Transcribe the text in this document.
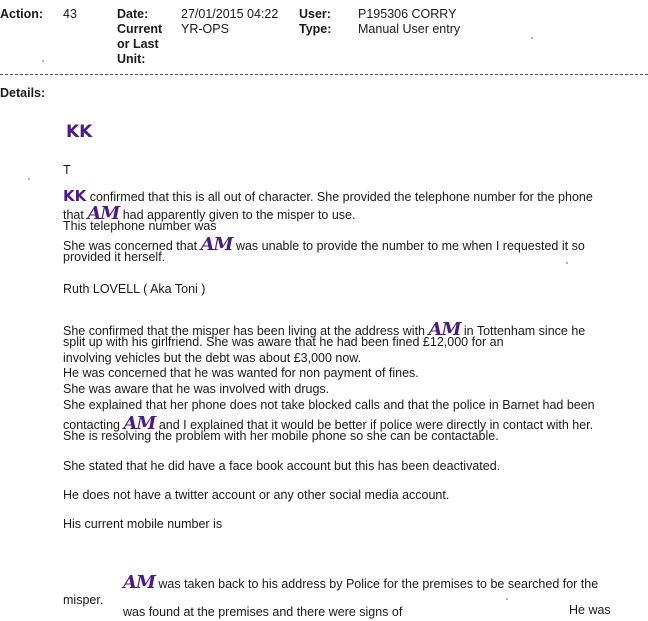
Action: 43	Date:
Current
or Last
Unit:
27/01/2015 04:22
YR-OPS
User:
Type:
P195306 CORRY
Manual User entry
Details:
KK
T
KK confirmed that this is all out of character. She provided the telephone number for the phone
that AM had apparently given to the misper to use.
This telephone number was
She was concerned that AM was unable to provide the number to me when I requested it so
provided it herself.
Ruth LOVELL ( Aka Toni )
She confirmed that the misper has been living at the address with AM in Tottenham since he
split up with his girlfriend. She was aware that he had been fined £12,000 for an
involving vehicles but the debt was about £3,000 now.
He was concerned that he was wanted for non payment of fines.
She was aware that he was involved with drugs.
She explained that her phone does not take blocked calls and that the police in Barnet had been
contacting AM and I explained that it would be better if police were directly in contact with her.
She is resolving the problem with her mobile phone so she can be contactable.
She stated that he did have a face book account but this has been deactivated.
He does not have a twitter account or any other social media account.
His current mobile number is
AM was taken back to his address by Police for the premises to be searched for the
misper.
was found at the premises and there were signs of	He was
